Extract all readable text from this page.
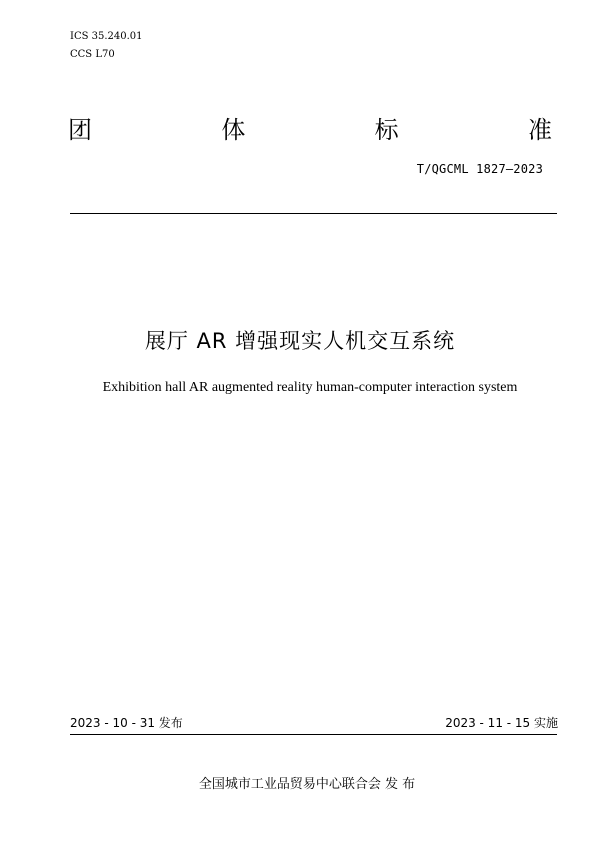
ICS 35.240.01
CCS L70
团	体	标	准
T/QGCML 1827—2023
展厅 AR 增强现实人机交互系统
Exhibition hall AR augmented reality human-computer interaction system
2023 - 10 - 31 发布	2023 - 11 - 15 实施
全国城市工业品贸易中心联合会 发 布
